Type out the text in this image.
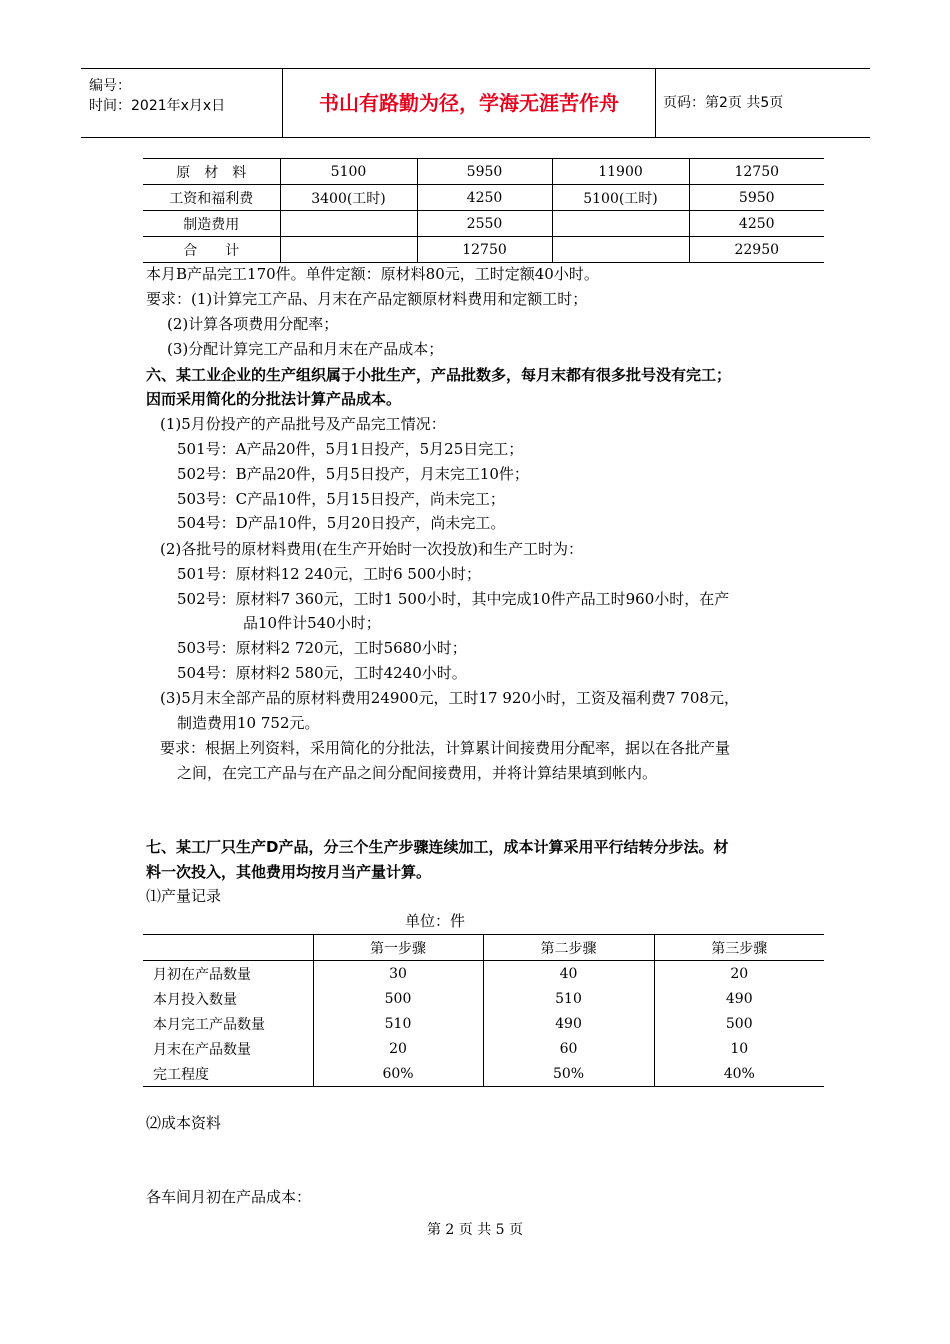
编号：
时间：2021年x月x日	书山有路勤为径，学海无涯苦作舟	页码：第2页 共5页
原　材　料	5100	5950	11900	12750
工资和福利费	3400(工时)	4250	5100(工时)	5950
制造费用		2550		4250
合　　计		12750		22950
本月B产品完工170件。单件定额：原材料80元，工时定额40小时。
要求：(1)计算完工产品、月末在产品定额原材料费用和定额工时；
(2)计算各项费用分配率；
(3)分配计算完工产品和月末在产品成本；
六、某工业企业的生产组织属于小批生产，产品批数多，每月末都有很多批号没有完工；
因而采用简化的分批法计算产品成本。
(1)5月份投产的产品批号及产品完工情况：
501号：A产品20件，5月1日投产，5月25日完工；
502号：B产品20件，5月5日投产，月末完工10件；
503号：C产品10件，5月15日投产，尚未完工；
504号：D产品10件，5月20日投产，尚未完工。
(2)各批号的原材料费用(在生产开始时一次投放)和生产工时为：
501号：原材料12 240元，工时6 500小时；
502号：原材料7 360元，工时1 500小时，其中完成10件产品工时960小时，在产
品10件计540小时；
503号：原材料2 720元，工时5680小时；
504号：原材料2 580元，工时4240小时。
(3)5月末全部产品的原材料费用24900元，工时17 920小时，工资及福利费7 708元，
制造费用10 752元。
要求：根据上列资料，采用简化的分批法，计算累计间接费用分配率，据以在各批产量
之间，在完工产品与在产品之间分配间接费用，并将计算结果填到帐内。
七、某工厂只生产D产品，分三个生产步骤连续加工，成本计算采用平行结转分步法。材
料一次投入，其他费用均按月当产量计算。
⑴产量记录
单位：件
	第一步骤	第二步骤	第三步骤
月初在产品数量	30	40	20
本月投入数量	500	510	490
本月完工产品数量	510	490	500
月末在产品数量	20	60	10
完工程度	60%	50%	40%
⑵成本资料
各车间月初在产品成本：
第 2 页 共 5 页
